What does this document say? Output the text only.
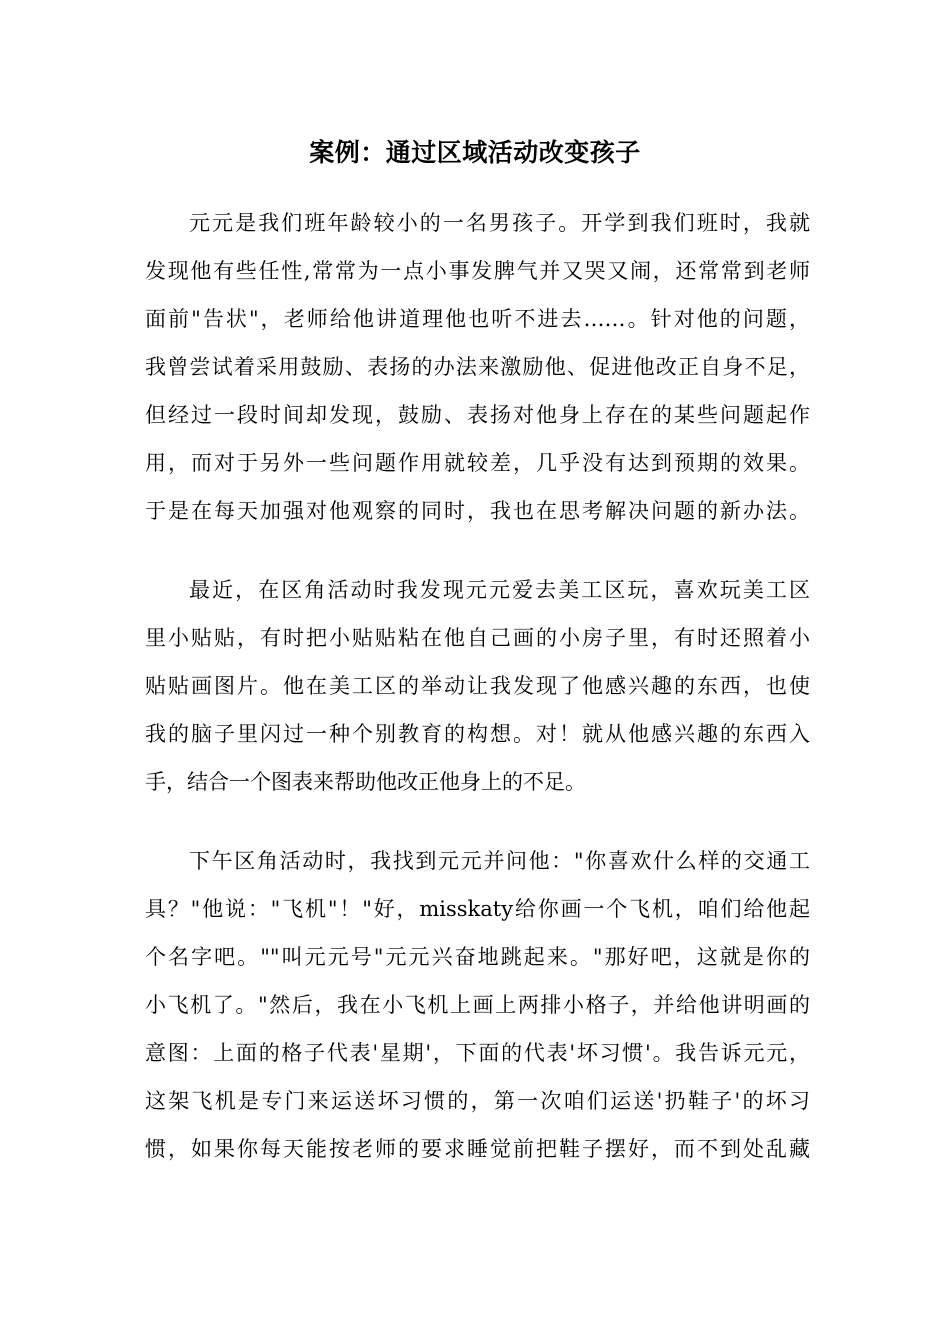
案例：通过区域活动改变孩子
元元是我们班年龄较小的一名男孩子。开学到我们班时，我就
发现他有些任性,常常为一点小事发脾气并又哭又闹，还常常到老师
面前"告状"，老师给他讲道理他也听不进去……。针对他的问题，
我曾尝试着采用鼓励、表扬的办法来激励他、促进他改正自身不足，
但经过一段时间却发现，鼓励、表扬对他身上存在的某些问题起作
用，而对于另外一些问题作用就较差，几乎没有达到预期的效果。
于是在每天加强对他观察的同时，我也在思考解决问题的新办法。
最近，在区角活动时我发现元元爱去美工区玩，喜欢玩美工区
里小贴贴，有时把小贴贴粘在他自己画的小房子里，有时还照着小
贴贴画图片。他在美工区的举动让我发现了他感兴趣的东西，也使
我的脑子里闪过一种个别教育的构想。对！就从他感兴趣的东西入
手，结合一个图表来帮助他改正他身上的不足。
下午区角活动时，我找到元元并问他："你喜欢什么样的交通工
具？"他说："飞机"！"好，misskaty给你画一个飞机，咱们给他起
个名字吧。""叫元元号"元元兴奋地跳起来。"那好吧，这就是你的
小飞机了。"然后，我在小飞机上画上两排小格子，并给他讲明画的
意图：上面的格子代表'星期'，下面的代表'坏习惯'。我告诉元元，
这架飞机是专门来运送坏习惯的，第一次咱们运送'扔鞋子'的坏习
惯，如果你每天能按老师的要求睡觉前把鞋子摆好，而不到处乱藏
